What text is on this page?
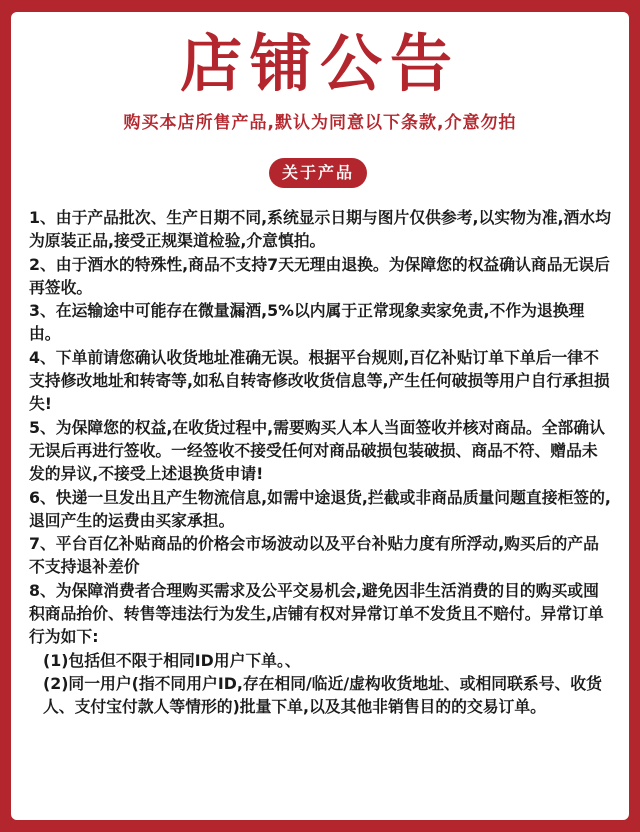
店铺公告
购买本店所售产品,默认为同意以下条款,介意勿拍
关于产品

1、由于产品批次、生产日期不同,系统显示日期与图片仅供参考,以实物为准,酒水均为原装正品,接受正规渠道检验,介意慎拍。

2、由于酒水的特殊性,商品不支持7天无理由退换。为保障您的权益确认商品无误后再签收。

3、在运输途中可能存在微量漏酒,5%以内属于正常现象卖家免责,不作为退换理由。

4、下单前请您确认收货地址准确无误。根据平台规则,百亿补贴订单下单后一律不支持修改地址和转寄等,如私自转寄修改收货信息等,产生任何破损等用户自行承担损失!

5、为保障您的权益,在收货过程中,需要购买人本人当面签收并核对商品。全部确认无误后再进行签收。一经签收不接受任何对商品破损包装破损、商品不符、赠品未发的异议,不接受上述退换货申请!

6、快递一旦发出且产生物流信息,如需中途退货,拦截或非商品质量问题直接柜签的,退回产生的运费由买家承担。

7、平台百亿补贴商品的价格会市场波动以及平台补贴力度有所浮动,购买后的产品不支持退补差价

8、为保障消费者合理购买需求及公平交易机会,避免因非生活消费的目的购买或囤积商品抬价、转售等违法行为发生,店铺有权对异常订单不发货且不赔付。异常订单行为如下:

(1)包括但不限于相同ID用户下单。、

(2)同一用户(指不同用户ID,存在相同/临近/虚构收货地址、或相同联系号、收货人、支付宝付款人等情形的)批量下单,以及其他非销售目的的交易订单。
